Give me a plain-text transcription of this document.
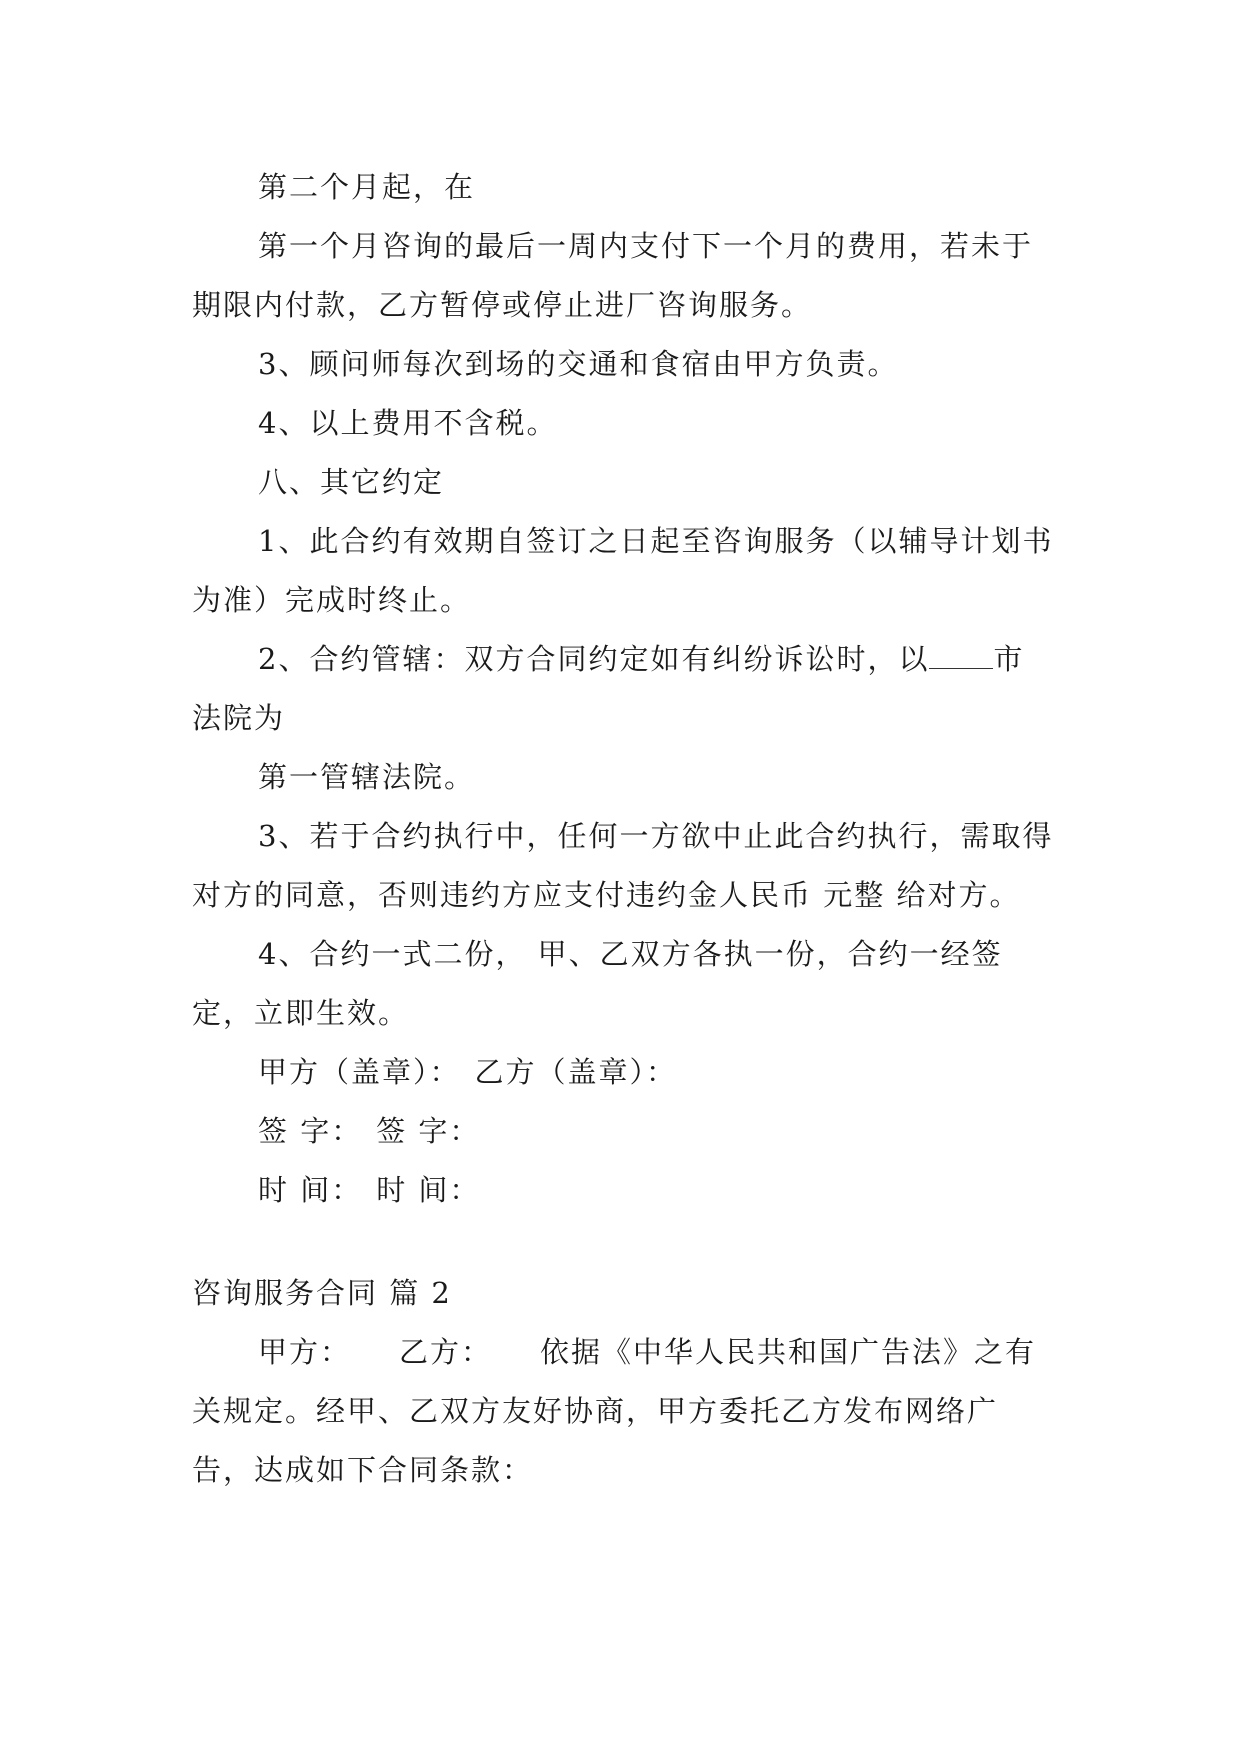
第二个月起，在

第一个月咨询的最后一周内支付下一个月的费用，若未于期限内付款，乙方暂停或停止进厂咨询服务。

3、顾问师每次到场的交通和食宿由甲方负责。

4、以上费用不含税。

八、其它约定

1、此合约有效期自签订之日起至咨询服务（以辅导计划书为准）完成时终止。

2、合约管辖：双方合同约定如有纠纷诉讼时，以 市法院为

第一管辖法院。

3、若于合约执行中，任何一方欲中止此合约执行，需取得对方的同意，否则违约方应支付违约金人民币 元整 给对方。

4、合约一式二份， 甲、乙双方各执一份，合约一经签定，立即生效。

甲方（盖章）： 乙方（盖章）：

签 字： 签 字：

时 间： 时 间：

咨询服务合同 篇 2

甲方： 乙方： 依据《中华人民共和国广告法》之有关规定。经甲、乙双方友好协商，甲方委托乙方发布网络广告，达成如下合同条款：
